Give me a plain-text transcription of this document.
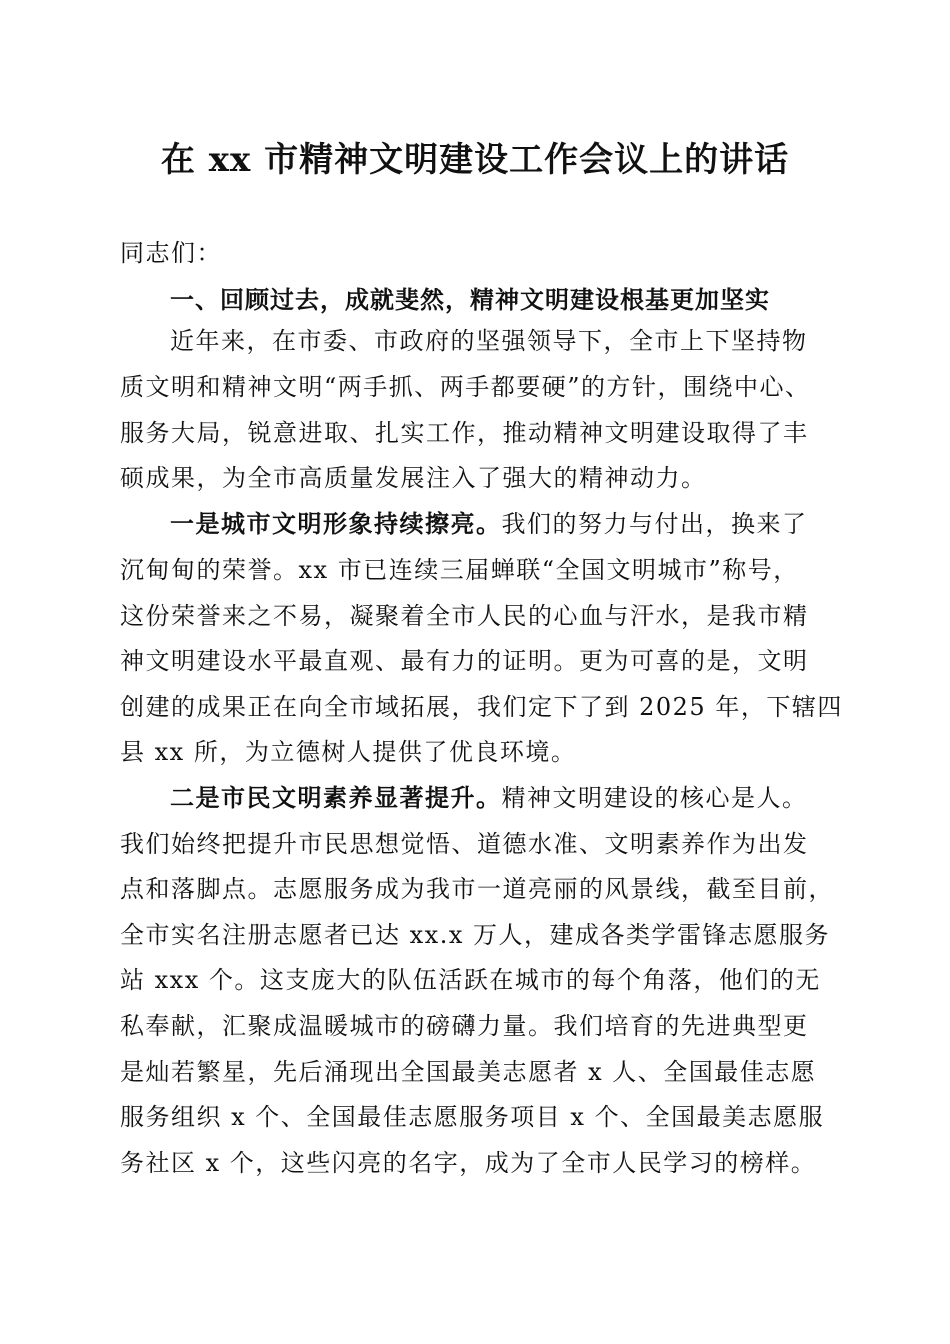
在 xx 市精神文明建设工作会议上的讲话
同志们：
一、回顾过去，成就斐然，精神文明建设根基更加坚实
近年来，在市委、市政府的坚强领导下，全市上下坚持物
质文明和精神文明“两手抓、两手都要硬”的方针，围绕中心、
服务大局，锐意进取、扎实工作，推动精神文明建设取得了丰
硕成果，为全市高质量发展注入了强大的精神动力。
一是城市文明形象持续擦亮。我们的努力与付出，换来了
沉甸甸的荣誉。xx 市已连续三届蝉联“全国文明城市”称号，
这份荣誉来之不易，凝聚着全市人民的心血与汗水，是我市精
神文明建设水平最直观、最有力的证明。更为可喜的是，文明
创建的成果正在向全市域拓展，我们定下了到 2025 年，下辖四
县 xx 所，为立德树人提供了优良环境。
二是市民文明素养显著提升。精神文明建设的核心是人。
我们始终把提升市民思想觉悟、道德水准、文明素养作为出发
点和落脚点。志愿服务成为我市一道亮丽的风景线，截至目前，
全市实名注册志愿者已达 xx.x 万人，建成各类学雷锋志愿服务
站 xxx 个。这支庞大的队伍活跃在城市的每个角落，他们的无
私奉献，汇聚成温暖城市的磅礴力量。我们培育的先进典型更
是灿若繁星，先后涌现出全国最美志愿者 x 人、全国最佳志愿
服务组织 x 个、全国最佳志愿服务项目 x 个、全国最美志愿服
务社区 x 个，这些闪亮的名字，成为了全市人民学习的榜样。
